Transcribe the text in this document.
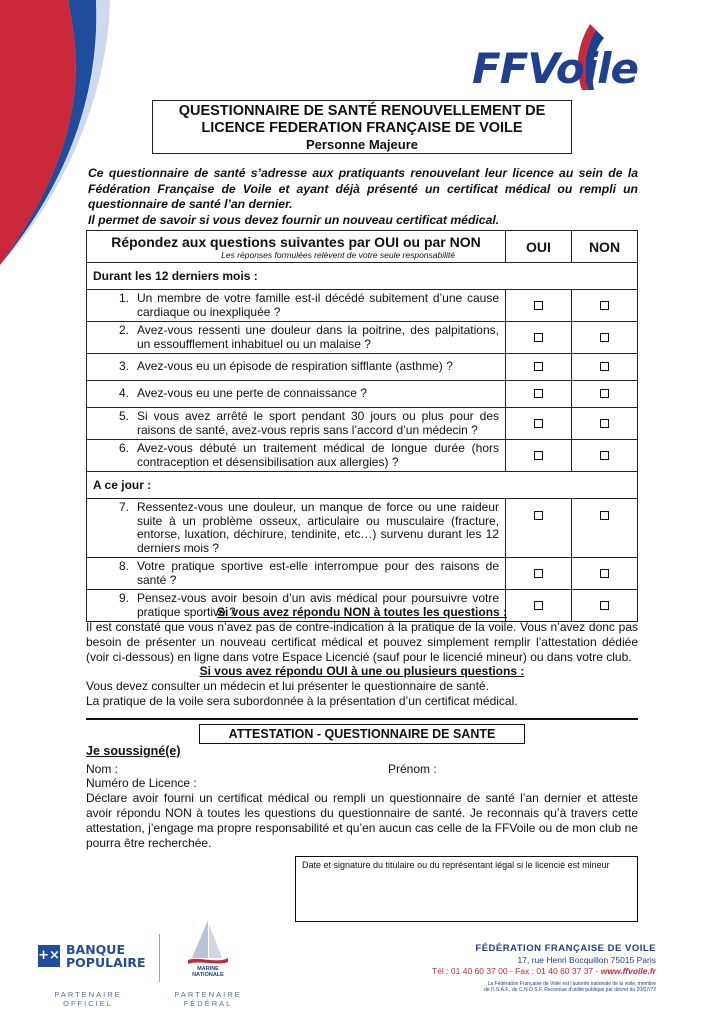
FFVoile
QUESTIONNAIRE DE SANTÉ RENOUVELLEMENT DE
LICENCE FEDERATION FRANÇAISE DE VOILE
Personne Majeure

Ce questionnaire de santé s’adresse aux pratiquants renouvelant leur licence au sein de la Fédération Française de Voile et ayant déjà présenté un certificat médical ou rempli un questionnaire de santé l’an dernier.

Il permet de savoir si vous devez fournir un nouveau certificat médical.

Répondez aux questions suivantes par OUI ou par NON
Les réponses formulées relèvent de votre seule responsabilité	OUI	NON
Durant les 12 derniers mois :		

1. Un membre de votre famille est-il décédé subitement d’une cause cardiaque ou inexpliquée ?		

2. Avez-vous ressenti une douleur dans la poitrine, des palpitations, un essoufflement inhabituel ou un malaise ?		

3. Avez-vous eu un épisode de respiration sifflante (asthme) ?		

4. Avez-vous eu une perte de connaissance ?		

5. Si vous avez arrêté le sport pendant 30 jours ou plus pour des raisons de santé, avez-vous repris sans l’accord d’un médecin ?		

6. Avez-vous débuté un traitement médical de longue durée (hors contraception et désensibilisation aux allergies) ?		

A ce jour :		

7. Ressentez-vous une douleur, un manque de force ou une raideur suite à un problème osseux, articulaire ou musculaire (fracture, entorse, luxation, déchirure, tendinite, etc…) survenu durant les 12 derniers mois ?		

8. Votre pratique sportive est-elle interrompue pour des raisons de santé ?		

9. Pensez-vous avoir besoin d’un avis médical pour poursuivre votre pratique sportive ?		

Si vous avez répondu NON à toutes les questions :
Il est constaté que vous n’avez pas de contre-indication à la pratique de la voile. Vous n’avez donc pas besoin de présenter un nouveau certificat médical et pouvez simplement remplir l’attestation dédiée (voir ci-dessous) en ligne dans votre Espace Licencié (sauf pour le licencié mineur) ou dans votre club.
Si vous avez répondu OUI à une ou plusieurs questions :
Vous devez consulter un médecin et lui présenter le questionnaire de santé.
La pratique de la voile sera subordonnée à la présentation d’un certificat médical.
ATTESTATION - QUESTIONNAIRE DE SANTE
Je soussigné(e)
Nom :	Prénom :
Numéro de Licence :
Déclare avoir fourni un certificat médical ou rempli un questionnaire de santé l’an dernier et atteste avoir répondu NON à toutes les questions du questionnaire de santé. Je reconnais qu’à travers cette attestation, j’engage ma propre responsabilité et qu’en aucun cas celle de la FFVoile ou de mon club ne pourra être recherchée.
Date et signature du titulaire ou du représentant légal si le licencié est mineur
+× BANQUE
POPULAIRE
PARTENAIRE
OFFICIEL
MARINE
NATIONALE
PARTENAIRE
FÉDÉRAL
FÉDÉRATION FRANÇAISE DE VOILE
17, rue Henri Bocquillon 75015 Paris
Tél : 01 40 60 37 00 - Fax : 01 40 60 37 37 - www.ffvoile.fr
La Fédération Française de Voile est l’autorité nationale de la voile, membre
de l’I.S.A.F., du C.N.O.S.F. Reconnue d’utilité publique par décret du 20/07/72
